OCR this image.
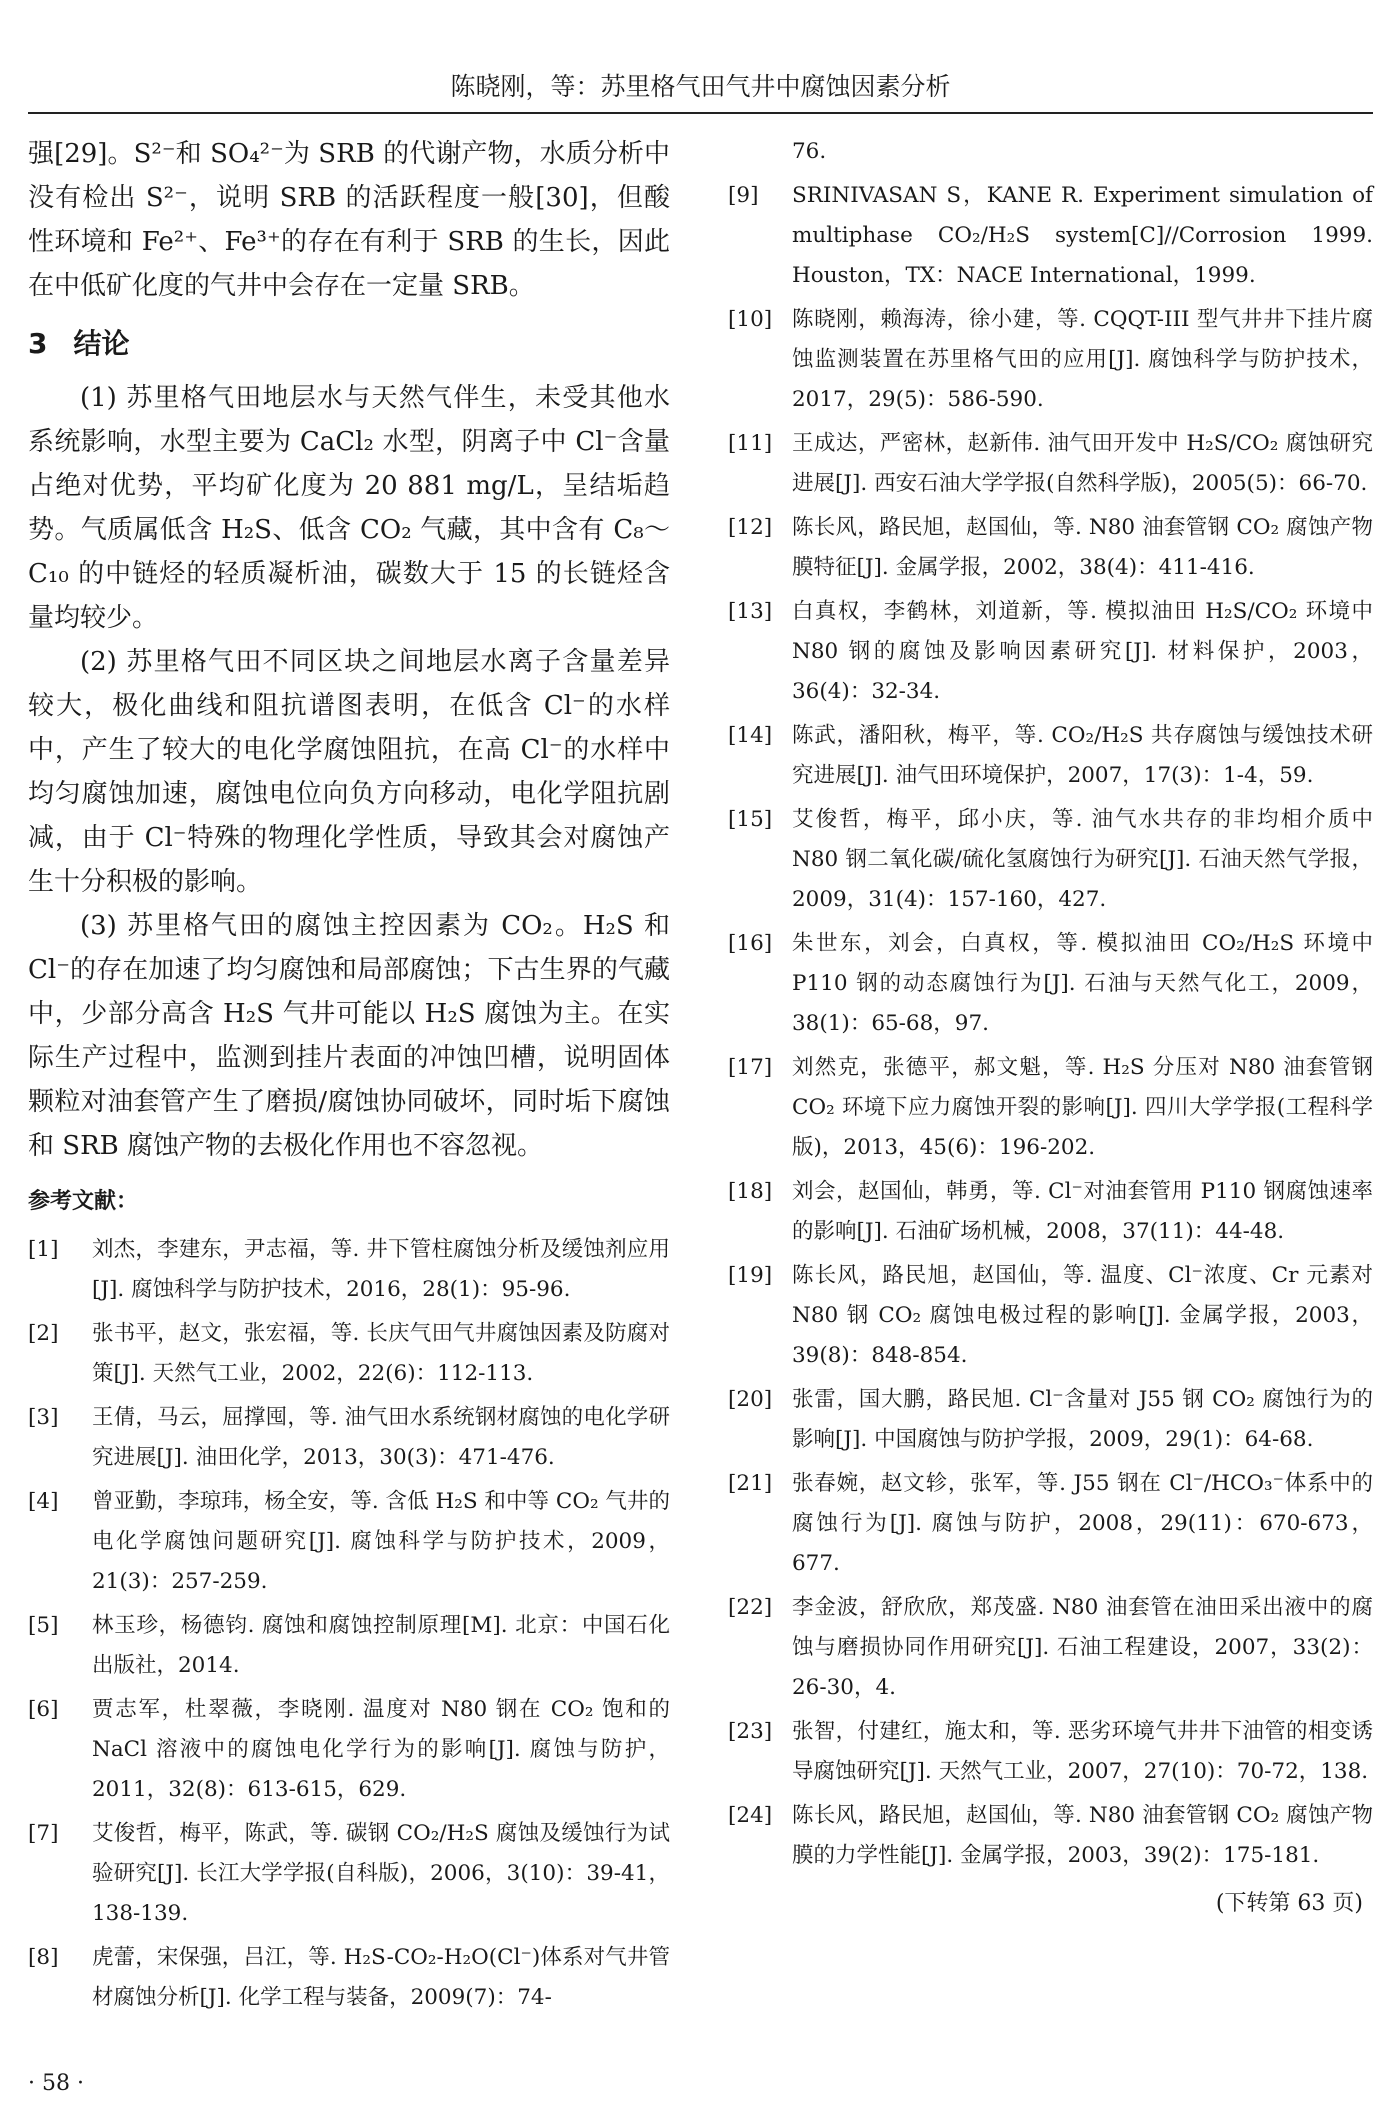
陈晓刚，等：苏里格气田气井中腐蚀因素分析

强[29]。S²⁻和 SO₄²⁻为 SRB 的代谢产物，水质分析中没有检出 S²⁻，说明 SRB 的活跃程度一般[30]，但酸性环境和 Fe²⁺、Fe³⁺的存在有利于 SRB 的生长，因此在中低矿化度的气井中会存在一定量 SRB。

3 结论

(1) 苏里格气田地层水与天然气伴生，未受其他水系统影响，水型主要为 CaCl₂ 水型，阴离子中 Cl⁻含量占绝对优势，平均矿化度为 20 881 mg/L，呈结垢趋势。气质属低含 H₂S、低含 CO₂ 气藏，其中含有 C₈～C₁₀ 的中链烃的轻质凝析油，碳数大于 15 的长链烃含量均较少。

(2) 苏里格气田不同区块之间地层水离子含量差异较大，极化曲线和阻抗谱图表明，在低含 Cl⁻的水样中，产生了较大的电化学腐蚀阻抗，在高 Cl⁻的水样中均匀腐蚀加速，腐蚀电位向负方向移动，电化学阻抗剧减，由于 Cl⁻特殊的物理化学性质，导致其会对腐蚀产生十分积极的影响。

(3) 苏里格气田的腐蚀主控因素为 CO₂。H₂S 和 Cl⁻的存在加速了均匀腐蚀和局部腐蚀；下古生界的气藏中，少部分高含 H₂S 气井可能以 H₂S 腐蚀为主。在实际生产过程中，监测到挂片表面的冲蚀凹槽，说明固体颗粒对油套管产生了磨损/腐蚀协同破坏，同时垢下腐蚀和 SRB 腐蚀产物的去极化作用也不容忽视。

参考文献：
[1]	刘杰，李建东，尹志福，等. 井下管柱腐蚀分析及缓蚀剂应用[J]. 腐蚀科学与防护技术，2016，28(1)：95-96.
[2]	张书平，赵文，张宏福，等. 长庆气田气井腐蚀因素及防腐对策[J]. 天然气工业，2002，22(6)：112-113.
[3]	王倩，马云，屈撑囤，等. 油气田水系统钢材腐蚀的电化学研究进展[J]. 油田化学，2013，30(3)：471-476.
[4]	曾亚勤，李琼玮，杨全安，等. 含低 H₂S 和中等 CO₂ 气井的电化学腐蚀问题研究[J]. 腐蚀科学与防护技术，2009，21(3)：257-259.
[5]	林玉珍，杨德钧. 腐蚀和腐蚀控制原理[M]. 北京：中国石化出版社，2014.
[6]	贾志军，杜翠薇，李晓刚. 温度对 N80 钢在 CO₂ 饱和的 NaCl 溶液中的腐蚀电化学行为的影响[J]. 腐蚀与防护，2011，32(8)：613-615，629.
[7]	艾俊哲，梅平，陈武，等. 碳钢 CO₂/H₂S 腐蚀及缓蚀行为试验研究[J]. 长江大学学报(自科版)，2006，3(10)：39-41，138-139.
[8]	虎蕾，宋保强，吕江，等. H₂S-CO₂-H₂O(Cl⁻)体系对气井管材腐蚀分析[J]. 化学工程与装备，2009(7)：74-
76.
[9]	SRINIVASAN S，KANE R. Experiment simulation of multiphase CO₂/H₂S system[C]//Corrosion 1999. Houston，TX：NACE International，1999.
[10] 陈晓刚，赖海涛，徐小建，等. CQQT-III 型气井井下挂片腐蚀监测装置在苏里格气田的应用[J]. 腐蚀科学与防护技术，2017，29(5)：586-590.
[11] 王成达，严密林，赵新伟. 油气田开发中 H₂S/CO₂ 腐蚀研究进展[J]. 西安石油大学学报(自然科学版)，2005(5)：66-70.
[12] 陈长风，路民旭，赵国仙，等. N80 油套管钢 CO₂ 腐蚀产物膜特征[J]. 金属学报，2002，38(4)：411-416.
[13] 白真权，李鹤林，刘道新，等. 模拟油田 H₂S/CO₂ 环境中 N80 钢的腐蚀及影响因素研究[J]. 材料保护，2003，36(4)：32-34.
[14] 陈武，潘阳秋，梅平，等. CO₂/H₂S 共存腐蚀与缓蚀技术研究进展[J]. 油气田环境保护，2007，17(3)：1-4，59.
[15] 艾俊哲，梅平，邱小庆，等. 油气水共存的非均相介质中 N80 钢二氧化碳/硫化氢腐蚀行为研究[J]. 石油天然气学报，2009，31(4)：157-160，427.
[16] 朱世东，刘会，白真权，等. 模拟油田 CO₂/H₂S 环境中 P110 钢的动态腐蚀行为[J]. 石油与天然气化工，2009，38(1)：65-68，97.
[17] 刘然克，张德平，郝文魁，等. H₂S 分压对 N80 油套管钢 CO₂ 环境下应力腐蚀开裂的影响[J]. 四川大学学报(工程科学版)，2013，45(6)：196-202.
[18] 刘会，赵国仙，韩勇，等. Cl⁻对油套管用 P110 钢腐蚀速率的影响[J]. 石油矿场机械，2008，37(11)：44-48.
[19] 陈长风，路民旭，赵国仙，等. 温度、Cl⁻浓度、Cr 元素对 N80 钢 CO₂ 腐蚀电极过程的影响[J]. 金属学报，2003，39(8)：848-854.
[20] 张雷，国大鹏，路民旭. Cl⁻含量对 J55 钢 CO₂ 腐蚀行为的影响[J]. 中国腐蚀与防护学报，2009，29(1)：64-68.
[21] 张春婉，赵文轸，张军，等. J55 钢在 Cl⁻/HCO₃⁻体系中的腐蚀行为[J]. 腐蚀与防护，2008，29(11)：670-673，677.
[22] 李金波，舒欣欣，郑茂盛. N80 油套管在油田采出液中的腐蚀与磨损协同作用研究[J]. 石油工程建设，2007，33(2)：26-30，4.
[23] 张智，付建红，施太和，等. 恶劣环境气井井下油管的相变诱导腐蚀研究[J]. 天然气工业，2007，27(10)：70-72，138.
[24] 陈长风，路民旭，赵国仙，等. N80 油套管钢 CO₂ 腐蚀产物膜的力学性能[J]. 金属学报，2003，39(2)：175-181.
(下转第 63 页)
· 58 ·
